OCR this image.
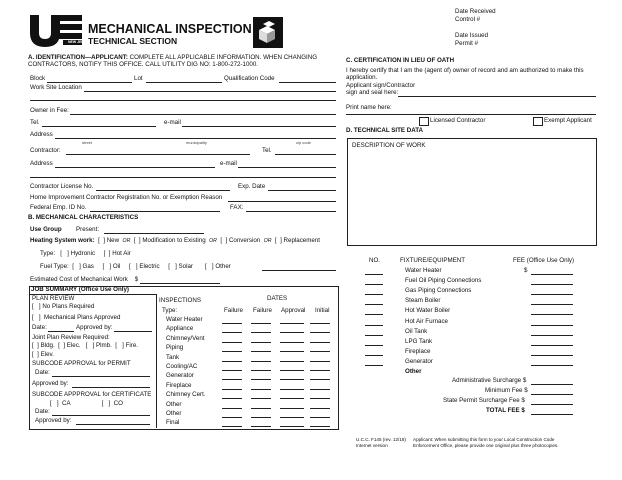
NEW JERSEY
MECHANICAL INSPECTION
TECHNICAL SECTION
Date Received
Control #
Date Issued
Permit #
A. IDENTIFICATION—APPLICANT: COMPLETE ALL APPLICABLE INFORMATION. WHEN CHANGING
CONTRACTORS, NOTIFY THIS OFFICE. CALL UTILITY DIG NO: 1-800-272-1000.
Block	Lot	Qualification Code
Work Site Location
Owner in Fee:
Tel.	e-mail
Address
street	municipality	zip code
Contractor:	Tel.
Address	e-mail
Contractor License No.	Exp. Date
Home Improvement Contractor Registration No. or Exemption Reason
Federal Emp. ID No.	FAX:
B. MECHANICAL CHARACTERISTICS
Use Group Present:
Heating System work:  [  ] New OR  [  ] Modification to Existing OR  [  ] Conversion OR  [  ] Replacement
Type:   [   ] Hydronic     [  ] Hot Air
Fuel Type:  [   ] Gas     [   ] Oil     [   ] Electric     [   ] Solar       [   ] Other
Estimated Cost of Mechanical Work $
JOB SUMMARY (Office Use Only)
PLAN REVIEW
[   ] No Plans Required
[   ]  Mechanical Plans Approved
Date:	Approved by:
Joint Plan Review Required:
[  ] Bldg.  [  ] Elec.   [   ] Plmb.  [   ] Fire.
[  ] Elev.
SUBCODE APPROVAL for PERMIT
Date:
Approved by:
SUBCODE APPPROVAL for CERTIFICATE
[   ]  CA                  [   ]  CO
Date:
Approved by:
INSPECTIONS	DATES
Type:	Failure Failure Approval Initial
Water Heater
Appliance
Chimney/Vent
Piping
Tank
Cooling/AC
Generator
Fireplace
Chimney Cert.
Other
Other
Final
C. CERTIFICATION IN LIEU OF OATH
I hereby certify that I am the (agent of) owner of record and am authorized to make this
application.
Applicant sign/Contractor
sign and seal here:
Print name here:
Licensed Contractor	Exempt Applicant
D. TECHNICAL SITE DATA
DESCRIPTION OF WORK
NO.	FIXTURE/EQUIPMENT	FEE (Office Use Only)
Water Heater	$
Fuel Oil Piping Connections
Gas Piping Connections
Steam Boiler
Hot Water Boiler
Hot Air Furnace
Oil Tank
LPG Tank
Fireplace
Generator
Other
Administrative Surcharge $
Minimum Fee $
State Permit Surcharge Fee $
TOTAL FEE $
U.C.C. F145 (rev. 12/18)
Internet version
Applicant: When submitting this form to your Local Construction Code
Enforcement Office, please provide one original plus three photocopies.
